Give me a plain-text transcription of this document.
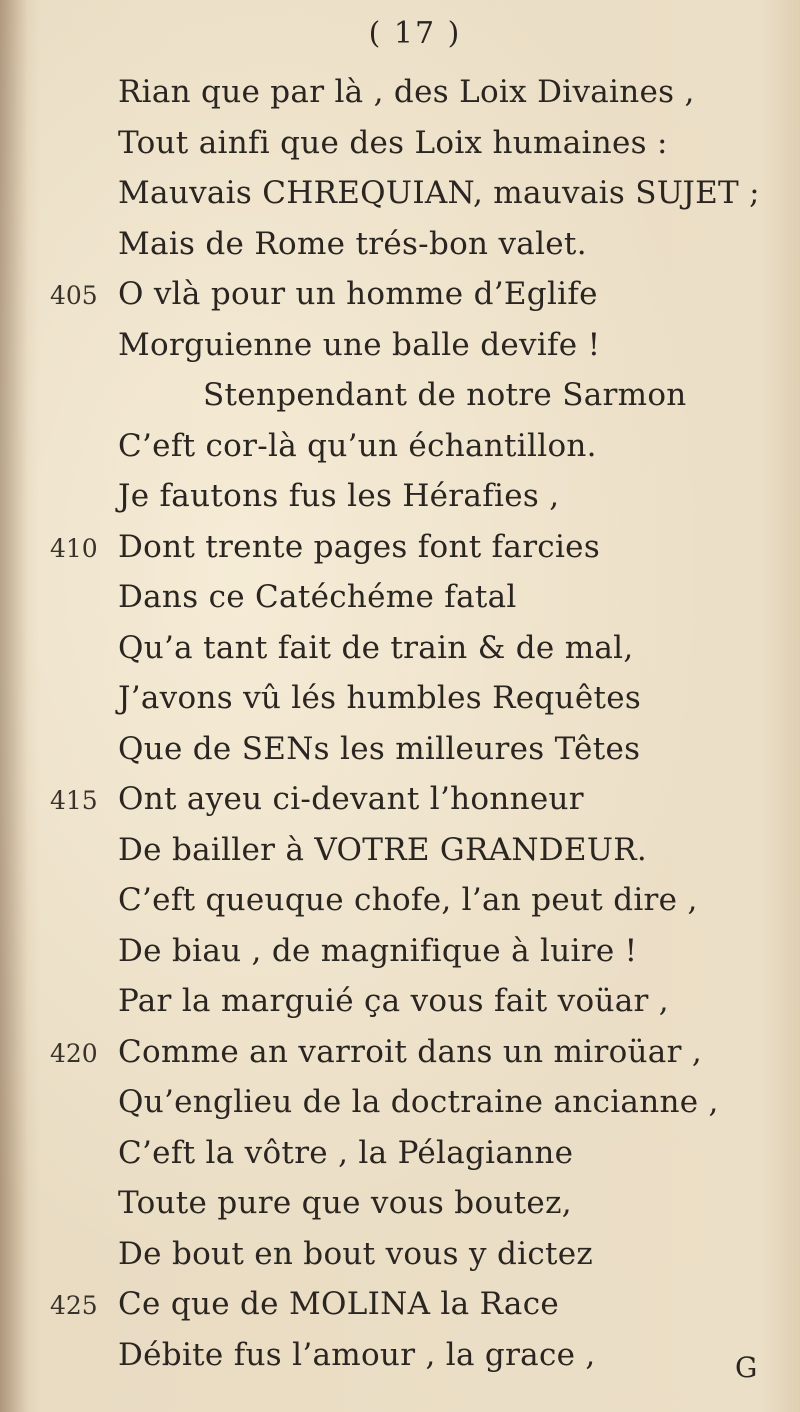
( 17 )
Rian que par là , des Loix Divaines ,
Tout ainfi que des Loix humaines :
Mauvais CHREQUIAN, mauvais SUJET ;
Mais de Rome trés-bon valet.
405 O vlà pour un homme d’Eglife
Morguienne une balle devife !
Stenpendant de notre Sarmon
C’eft cor-là qu’un échantillon.
Je fautons fus les Hérafies ,
410 Dont trente pages font farcies
Dans ce Catéchéme fatal
Qu’a tant fait de train & de mal,
J’avons vû lés humbles Requêtes
Que de SENs les milleures Têtes
415 Ont ayeu ci-devant l’honneur
De bailler à VOTRE GRANDEUR.
C’eft queuque chofe, l’an peut dire ,
De biau , de magnifique à luire !
Par la marguié ça vous fait voüar ,
420 Comme an varroit dans un miroüar ,
Qu’englieu de la doctraine ancianne ,
C’eft la vôtre , la Pélagianne
Toute pure que vous boutez,
De bout en bout vous y dictez
Ce que de MOLINA la Race
Débite fus l’amour , la grace ,
425
G
